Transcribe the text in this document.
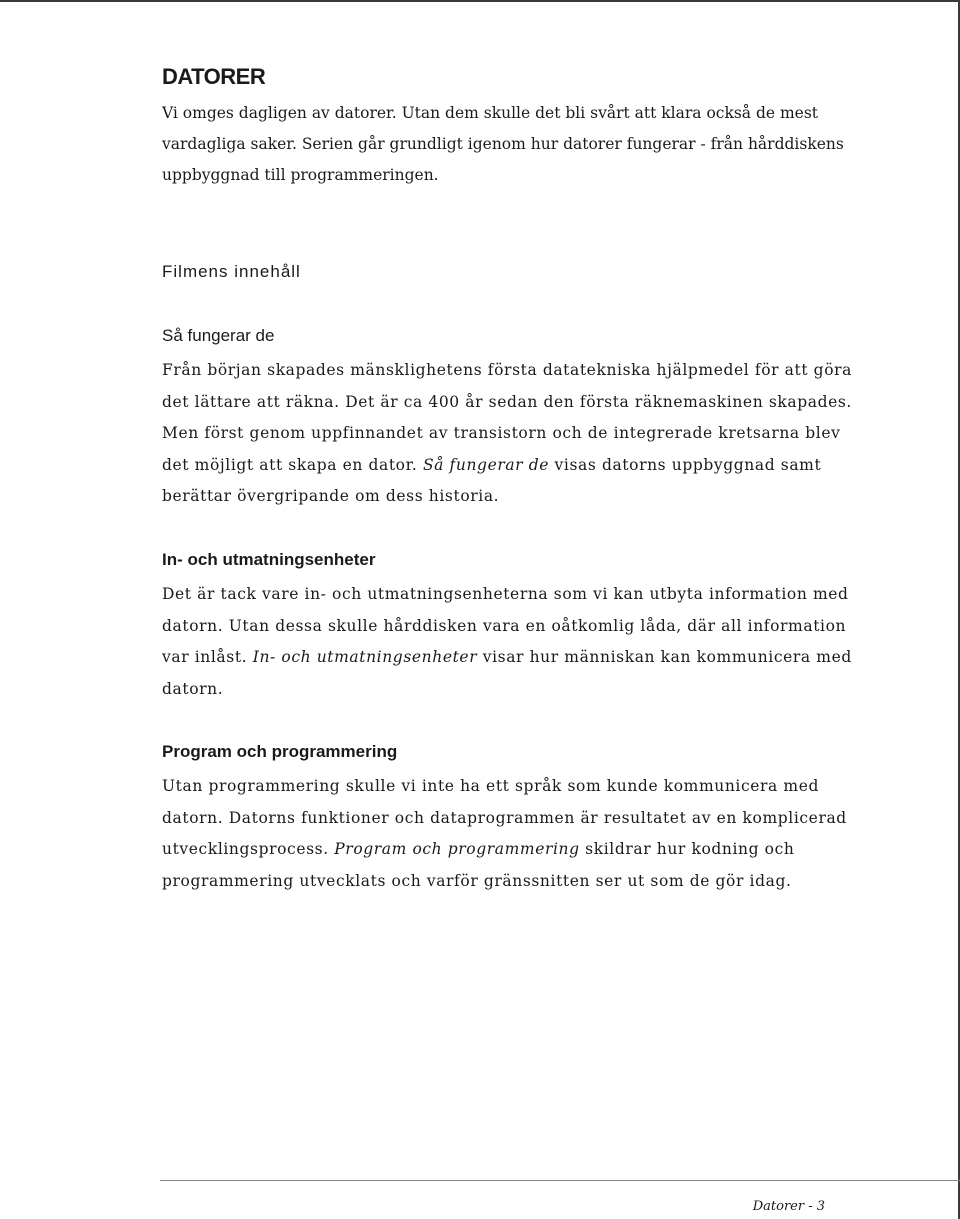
DATORER

Vi omges dagligen av datorer. Utan dem skulle det bli svårt att klara också de mest vardagliga saker. Serien går grundligt igenom hur datorer fungerar - från hårddiskens uppbyggnad till programmeringen.

Filmens innehåll
Så fungerar de

Från början skapades mänsklighetens första datatekniska hjälpmedel för att göra det lättare att räkna. Det är ca 400 år sedan den första räknemaskinen skapades. Men först genom uppfinnandet av transistorn och de integrerade kretsarna blev det möjligt att skapa en dator. Så fungerar de visas datorns uppbyggnad samt berättar övergripande om dess historia.

In- och utmatningsenheter

Det är tack vare in- och utmatningsenheterna som vi kan utbyta information med datorn. Utan dessa skulle hårddisken vara en oåtkomlig låda, där all information var inlåst. In- och utmatningsenheter visar hur människan kan kommunicera med datorn.

Program och programmering

Utan programmering skulle vi inte ha ett språk som kunde kommunicera med datorn. Datorns funktioner och dataprogrammen är resultatet av en komplicerad utvecklingsprocess. Program och programmering skildrar hur kodning och programmering utvecklats och varför gränssnitten ser ut som de gör idag.

Datorer - 3
